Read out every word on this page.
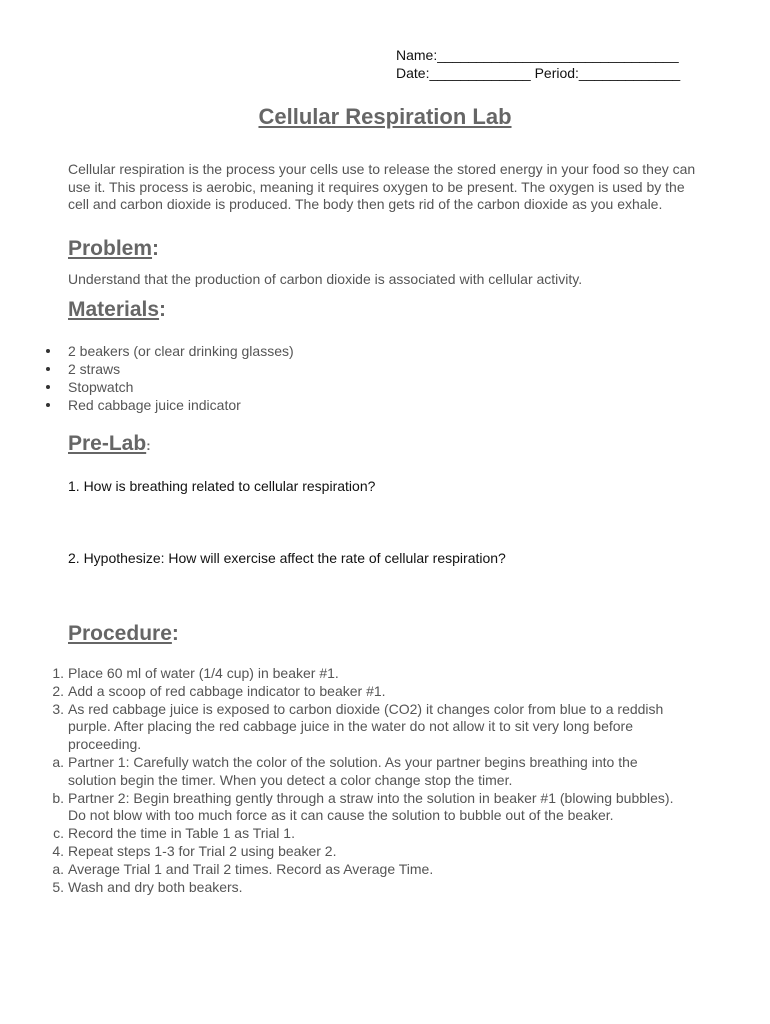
Name:_______________________________
Date:_____________ Period:_____________
Cellular Respiration Lab
Cellular respiration is the process your cells use to release the stored energy in your food so they can use it. This process is aerobic, meaning it requires oxygen to be present. The oxygen is used by the cell and carbon dioxide is produced. The body then gets rid of the carbon dioxide as you exhale.
Problem:
Understand that the production of carbon dioxide is associated with cellular activity.
Materials:
2 beakers (or clear drinking glasses)
2 straws
Stopwatch
Red cabbage juice indicator
Pre-Lab:
1. How is breathing related to cellular respiration?
2. Hypothesize: How will exercise affect the rate of cellular respiration?
Procedure:
1. Place 60 ml of water (1/4 cup) in beaker #1.
2. Add a scoop of red cabbage indicator to beaker #1.
3. As red cabbage juice is exposed to carbon dioxide (CO2) it changes color from blue to a reddish purple. After placing the red cabbage juice in the water do not allow it to sit very long before proceeding.
a. Partner 1: Carefully watch the color of the solution. As your partner begins breathing into the solution begin the timer. When you detect a color change stop the timer.
b. Partner 2: Begin breathing gently through a straw into the solution in beaker #1 (blowing bubbles). Do not blow with too much force as it can cause the solution to bubble out of the beaker.
c. Record the time in Table 1 as Trial 1.
4. Repeat steps 1-3 for Trial 2 using beaker 2.
a. Average Trial 1 and Trail 2 times. Record as Average Time.
5. Wash and dry both beakers.
